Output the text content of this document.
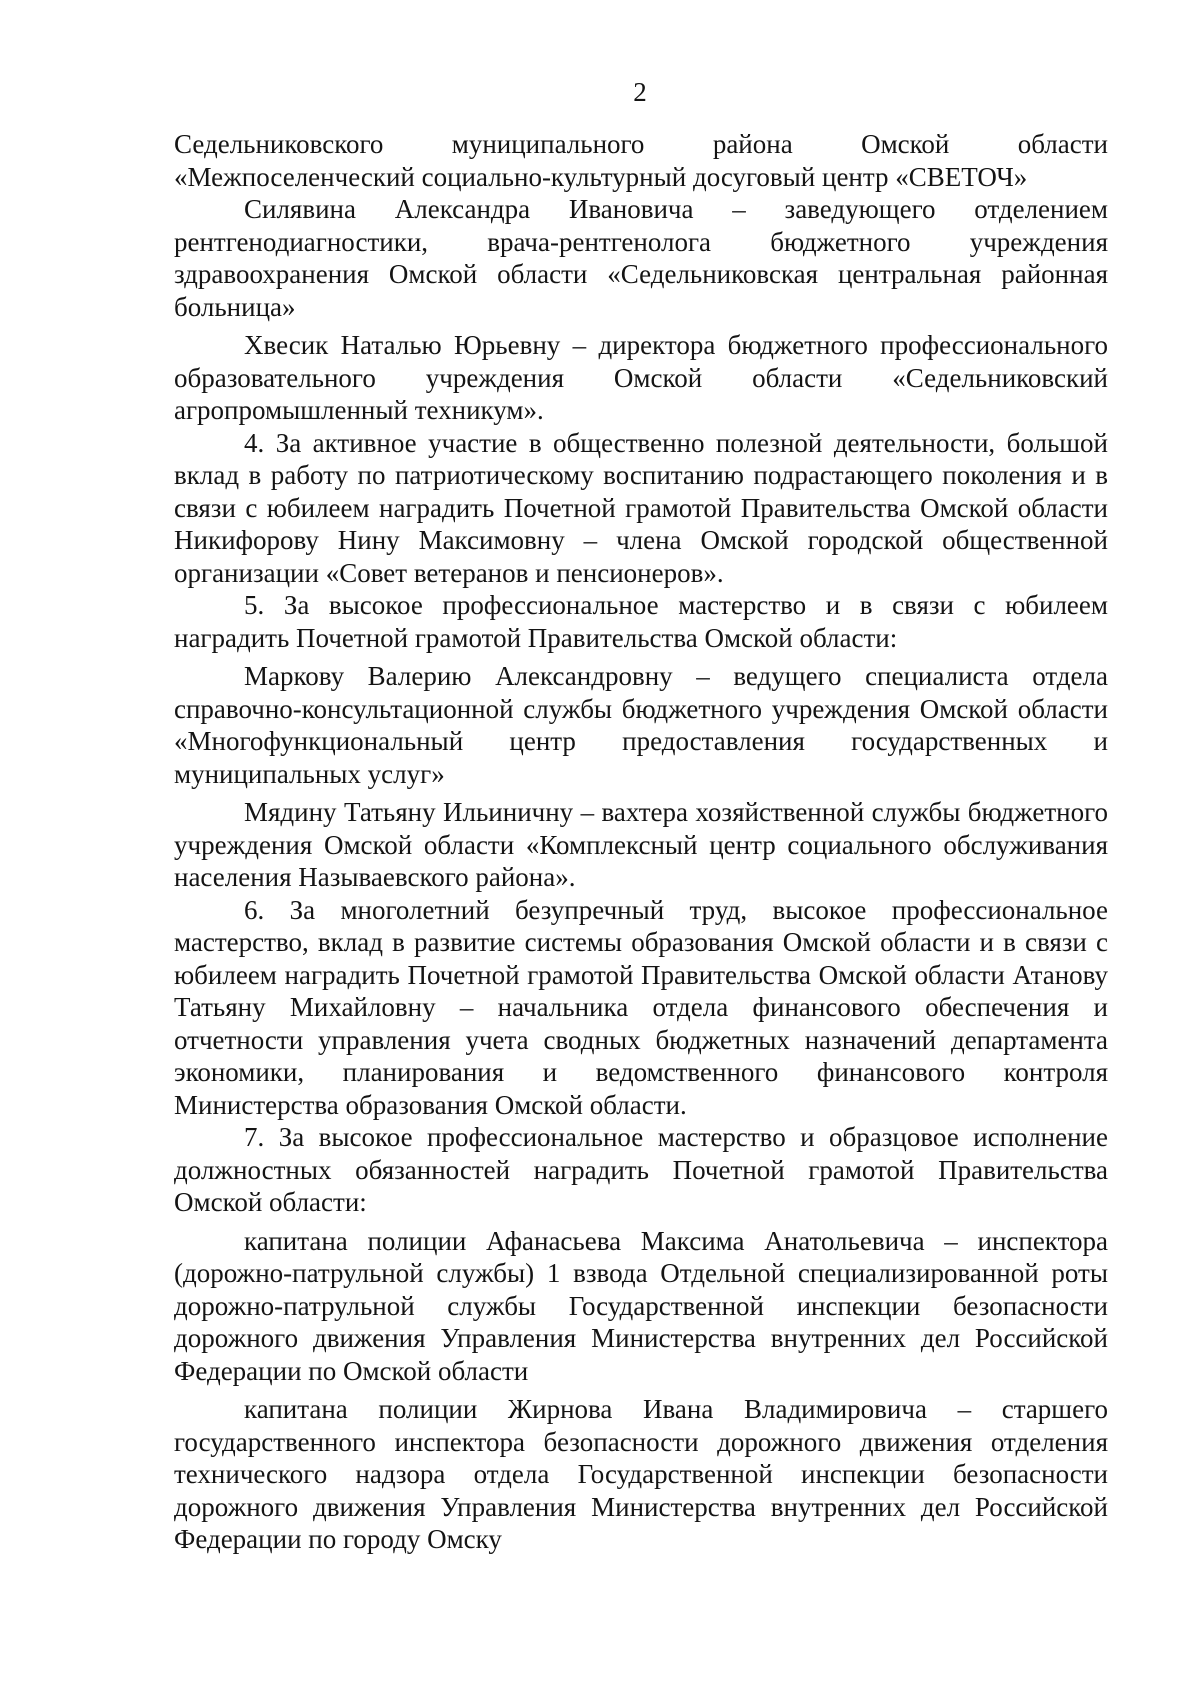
2

Седельниковского муниципального района Омской области «Межпоселенческий социально-культурный досуговый центр «СВЕТОЧ»

Силявина Александра Ивановича – заведующего отделением рентгенодиагностики, врача-рентгенолога бюджетного учреждения здравоохранения Омской области «Седельниковская центральная районная больница»

Хвесик Наталью Юрьевну – директора бюджетного профессионального образовательного учреждения Омской области «Седельниковский агропромышленный техникум».

4. За активное участие в общественно полезной деятельности, большой вклад в работу по патриотическому воспитанию подрастающего поколения и в связи с юбилеем наградить Почетной грамотой Правительства Омской области Никифорову Нину Максимовну – члена Омской городской общественной организации «Совет ветеранов и пенсионеров».

5. За высокое профессиональное мастерство и в связи с юбилеем наградить Почетной грамотой Правительства Омской области:

Маркову Валерию Александровну – ведущего специалиста отдела справочно-консультационной службы бюджетного учреждения Омской области «Многофункциональный центр предоставления государственных и муниципальных услуг»

Мядину Татьяну Ильиничну – вахтера хозяйственной службы бюджетного учреждения Омской области «Комплексный центр социального обслуживания населения Называевского района».

6. За многолетний безупречный труд, высокое профессиональное мастерство, вклад в развитие системы образования Омской области и в связи с юбилеем наградить Почетной грамотой Правительства Омской области Атанову Татьяну Михайловну – начальника отдела финансового обеспечения и отчетности управления учета сводных бюджетных назначений департамента экономики, планирования и ведомственного финансового контроля Министерства образования Омской области.

7. За высокое профессиональное мастерство и образцовое исполнение должностных обязанностей наградить Почетной грамотой Правительства Омской области:

капитана полиции Афанасьева Максима Анатольевича – инспектора (дорожно-патрульной службы) 1 взвода Отдельной специализированной роты дорожно-патрульной службы Государственной инспекции безопасности дорожного движения Управления Министерства внутренних дел Российской Федерации по Омской области

капитана полиции Жирнова Ивана Владимировича – старшего государственного инспектора безопасности дорожного движения отделения технического надзора отдела Государственной инспекции безопасности дорожного движения Управления Министерства внутренних дел Российской Федерации по городу Омску
